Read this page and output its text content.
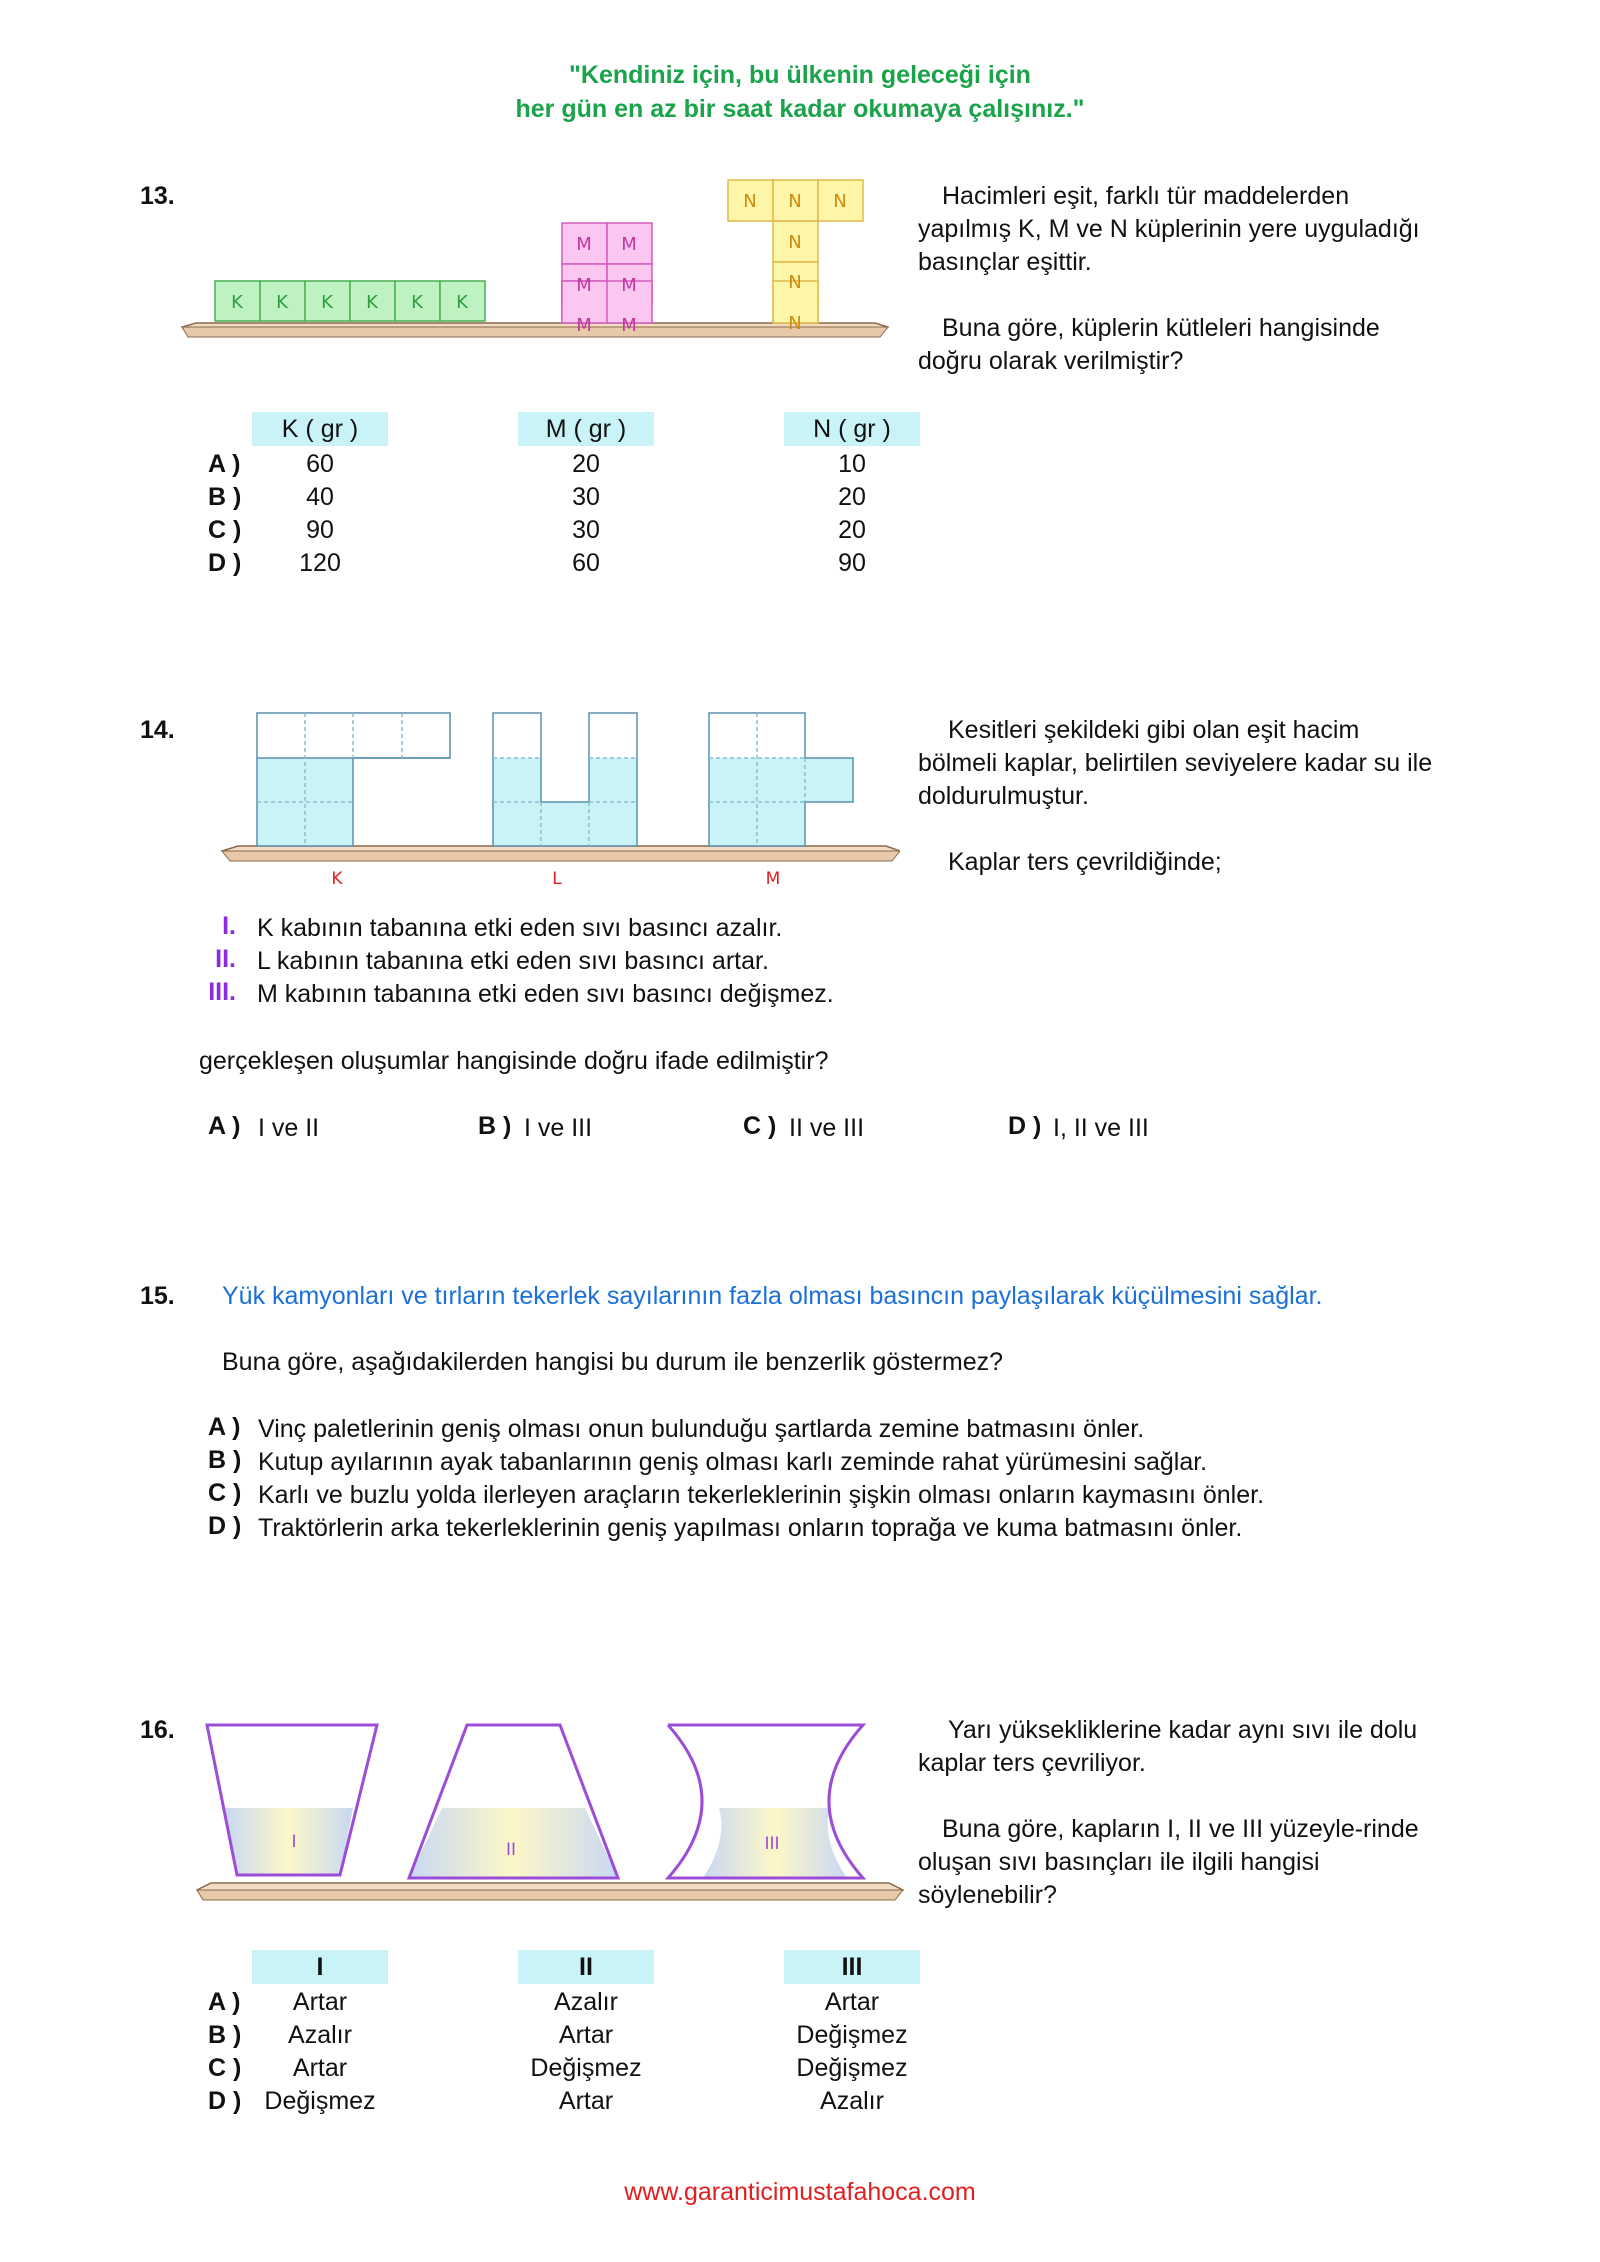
"Kendiniz için, bu ülkenin geleceği için
her gün en az bir saat kadar okumaya çalışınız."
13.
K K K K K K
M M
M M
M M
N N N
N
N
N
Hacimleri eşit, farklı tür maddelerden yapılmış K, M ve N küplerinin yere uyguladığı basınçlar eşittir.
Buna göre, küplerin kütleleri hangisinde doğru olarak verilmiştir?
K ( gr )	M ( gr )	N ( gr )
A )	60	20	10
B )	40	30	20
C )	90	30	20
D )	120	60	90
14.
K	L	M
Kesitleri şekildeki gibi olan eşit hacim bölmeli kaplar, belirtilen seviyelere kadar su ile doldurulmuştur.
Kaplar ters çevrildiğinde;
I. K kabının tabanına etki eden sıvı basıncı azalır.
II. L kabının tabanına etki eden sıvı basıncı artar.
III. M kabının tabanına etki eden sıvı basıncı değişmez.
gerçekleşen oluşumlar hangisinde doğru ifade edilmiştir?
A ) I ve II	B ) I ve III	C ) II ve III	D ) I, II ve III
15. Yük kamyonları ve tırların tekerlek sayılarının fazla olması basıncın paylaşılarak küçülmesini sağlar.
Buna göre, aşağıdakilerden hangisi bu durum ile benzerlik göstermez?
A ) Vinç paletlerinin geniş olması onun bulunduğu şartlarda zemine batmasını önler.
B ) Kutup ayılarının ayak tabanlarının geniş olması karlı zeminde rahat yürümesini sağlar.
C ) Karlı ve buzlu yolda ilerleyen araçların tekerleklerinin şişkin olması onların kaymasını önler.
D ) Traktörlerin arka tekerleklerinin geniş yapılması onların toprağa ve kuma batmasını önler.
16.
I	II	III
Yarı yüksekliklerine kadar aynı sıvı ile dolu kaplar ters çevriliyor.
Buna göre, kapların I, II ve III yüzeyle-rinde oluşan sıvı basınçları ile ilgili hangisi söylenebilir?
I	II	III
A )	Artar	Azalır	Artar
B )	Azalır	Artar	Değişmez
C )	Artar	Değişmez	Değişmez
D ) Değişmez	Artar	Azalır
www.garanticimustafahoca.com
